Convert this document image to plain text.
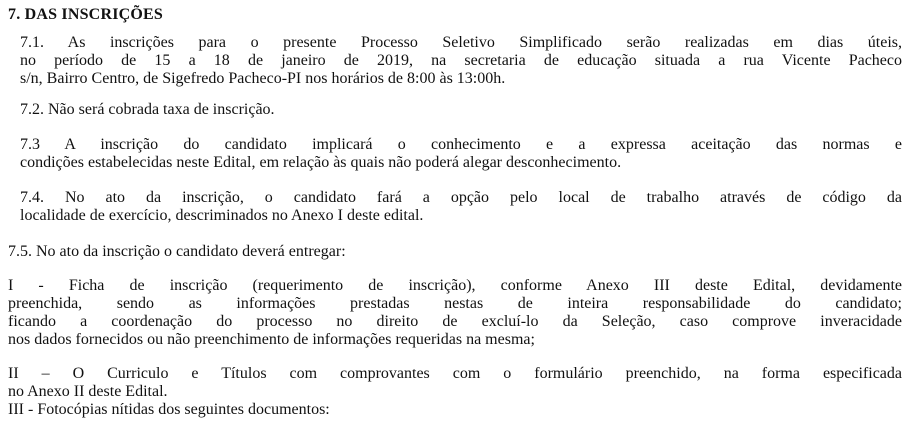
7. DAS INSCRIÇÕES
7.1. As inscrições para o presente Processo Seletivo Simplificado serão realizadas em dias úteis,
no período de 15 a 18 de janeiro de 2019, na secretaria de educação situada a rua Vicente Pacheco
s/n, Bairro Centro, de Sigefredo Pacheco-PI nos horários de 8:00 às 13:00h.
7.2. Não será cobrada taxa de inscrição.
7.3 A inscrição do candidato implicará o conhecimento e a expressa aceitação das normas e
condições estabelecidas neste Edital, em relação às quais não poderá alegar desconhecimento.
7.4. No ato da inscrição, o candidato fará a opção pelo local de trabalho através de código da
localidade de exercício, descriminados no Anexo I deste edital.
7.5. No ato da inscrição o candidato deverá entregar:
I - Ficha de inscrição (requerimento de inscrição), conforme Anexo III deste Edital, devidamente
preenchida, sendo as informações prestadas nestas de inteira responsabilidade do candidato;
ficando a coordenação do processo no direito de excluí-lo da Seleção, caso comprove inveracidade
nos dados fornecidos ou não preenchimento de informações requeridas na mesma;
II – O Curriculo e Títulos com comprovantes com o formulário preenchido, na forma especificada
no Anexo II deste Edital.
III - Fotocópias nítidas dos seguintes documentos:
